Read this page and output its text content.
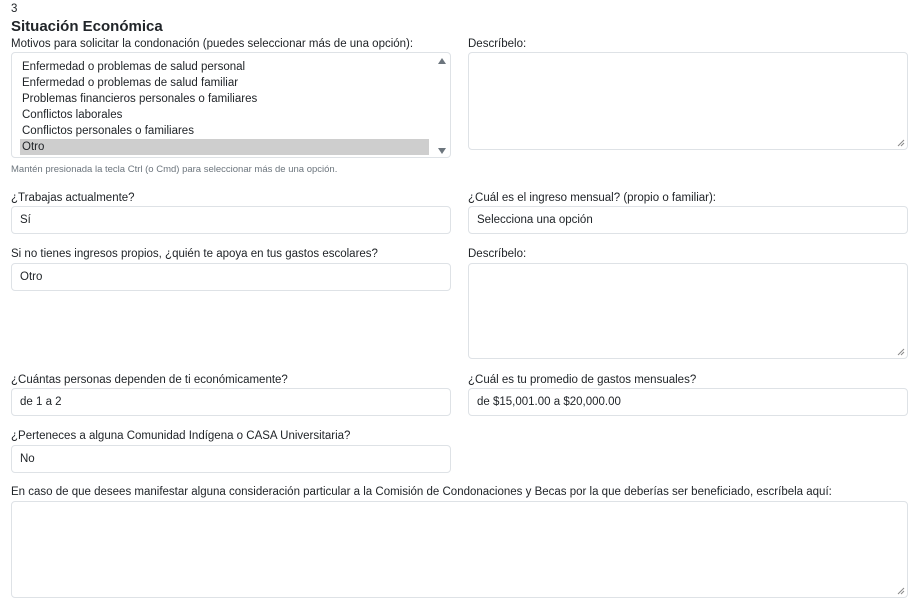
3
Situación Económica
Motivos para solicitar la condonación (puedes seleccionar más de una opción):
Enfermedad o problemas de salud personal
Enfermedad o problemas de salud familiar
Problemas financieros personales o familiares
Conflictos laborales
Conflictos personales o familiares
Otro
Mantén presionada la tecla Ctrl (o Cmd) para seleccionar más de una opción.
Descríbelo:
¿Trabajas actualmente?
Sí
¿Cuál es el ingreso mensual? (propio o familiar):
Selecciona una opción
Si no tienes ingresos propios, ¿quién te apoya en tus gastos escolares?
Otro
Descríbelo:
¿Cuántas personas dependen de ti económicamente?
de 1 a 2
¿Cuál es tu promedio de gastos mensuales?
de $15,001.00 a $20,000.00
¿Perteneces a alguna Comunidad Indígena o CASA Universitaria?
No
En caso de que desees manifestar alguna consideración particular a la Comisión de Condonaciones y Becas por la que deberías ser beneficiado, escríbela aquí:
